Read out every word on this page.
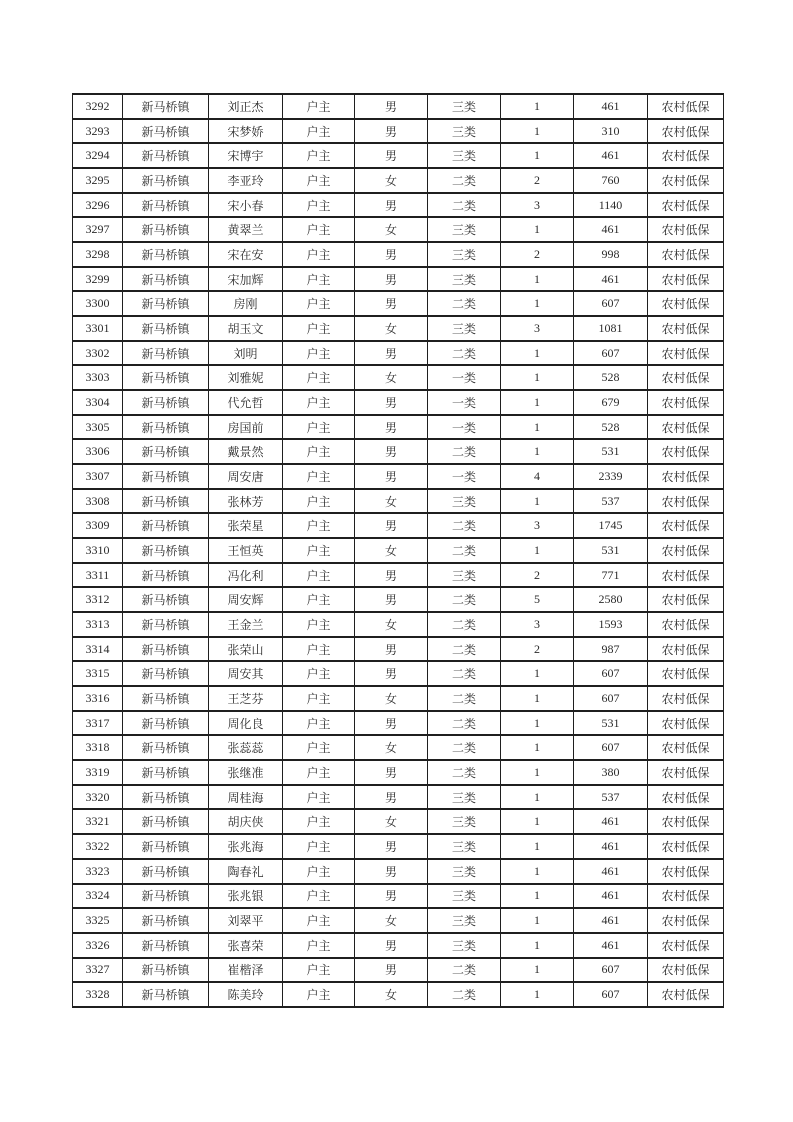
3292	新马桥镇	刘正杰	户主	男	三类	1	461	农村低保
3293	新马桥镇	宋梦娇	户主	男	三类	1	310	农村低保
3294	新马桥镇	宋博宇	户主	男	三类	1	461	农村低保
3295	新马桥镇	李亚玲	户主	女	二类	2	760	农村低保
3296	新马桥镇	宋小春	户主	男	二类	3	1140	农村低保
3297	新马桥镇	黄翠兰	户主	女	三类	1	461	农村低保
3298	新马桥镇	宋在安	户主	男	三类	2	998	农村低保
3299	新马桥镇	宋加辉	户主	男	三类	1	461	农村低保
3300	新马桥镇	房刚	户主	男	二类	1	607	农村低保
3301	新马桥镇	胡玉文	户主	女	三类	3	1081	农村低保
3302	新马桥镇	刘明	户主	男	二类	1	607	农村低保
3303	新马桥镇	刘雅妮	户主	女	一类	1	528	农村低保
3304	新马桥镇	代允哲	户主	男	一类	1	679	农村低保
3305	新马桥镇	房国前	户主	男	一类	1	528	农村低保
3306	新马桥镇	戴景然	户主	男	二类	1	531	农村低保
3307	新马桥镇	周安唐	户主	男	一类	4	2339	农村低保
3308	新马桥镇	张林芳	户主	女	三类	1	537	农村低保
3309	新马桥镇	张荣星	户主	男	二类	3	1745	农村低保
3310	新马桥镇	王恒英	户主	女	二类	1	531	农村低保
3311	新马桥镇	冯化利	户主	男	三类	2	771	农村低保
3312	新马桥镇	周安辉	户主	男	二类	5	2580	农村低保
3313	新马桥镇	王金兰	户主	女	二类	3	1593	农村低保
3314	新马桥镇	张荣山	户主	男	二类	2	987	农村低保
3315	新马桥镇	周安其	户主	男	二类	1	607	农村低保
3316	新马桥镇	王芝芬	户主	女	二类	1	607	农村低保
3317	新马桥镇	周化良	户主	男	二类	1	531	农村低保
3318	新马桥镇	张蕊蕊	户主	女	二类	1	607	农村低保
3319	新马桥镇	张继准	户主	男	二类	1	380	农村低保
3320	新马桥镇	周桂海	户主	男	三类	1	537	农村低保
3321	新马桥镇	胡庆侠	户主	女	三类	1	461	农村低保
3322	新马桥镇	张兆海	户主	男	三类	1	461	农村低保
3323	新马桥镇	陶春礼	户主	男	三类	1	461	农村低保
3324	新马桥镇	张兆银	户主	男	三类	1	461	农村低保
3325	新马桥镇	刘翠平	户主	女	三类	1	461	农村低保
3326	新马桥镇	张喜荣	户主	男	三类	1	461	农村低保
3327	新马桥镇	崔楷泽	户主	男	二类	1	607	农村低保
3328	新马桥镇	陈美玲	户主	女	二类	1	607	农村低保
